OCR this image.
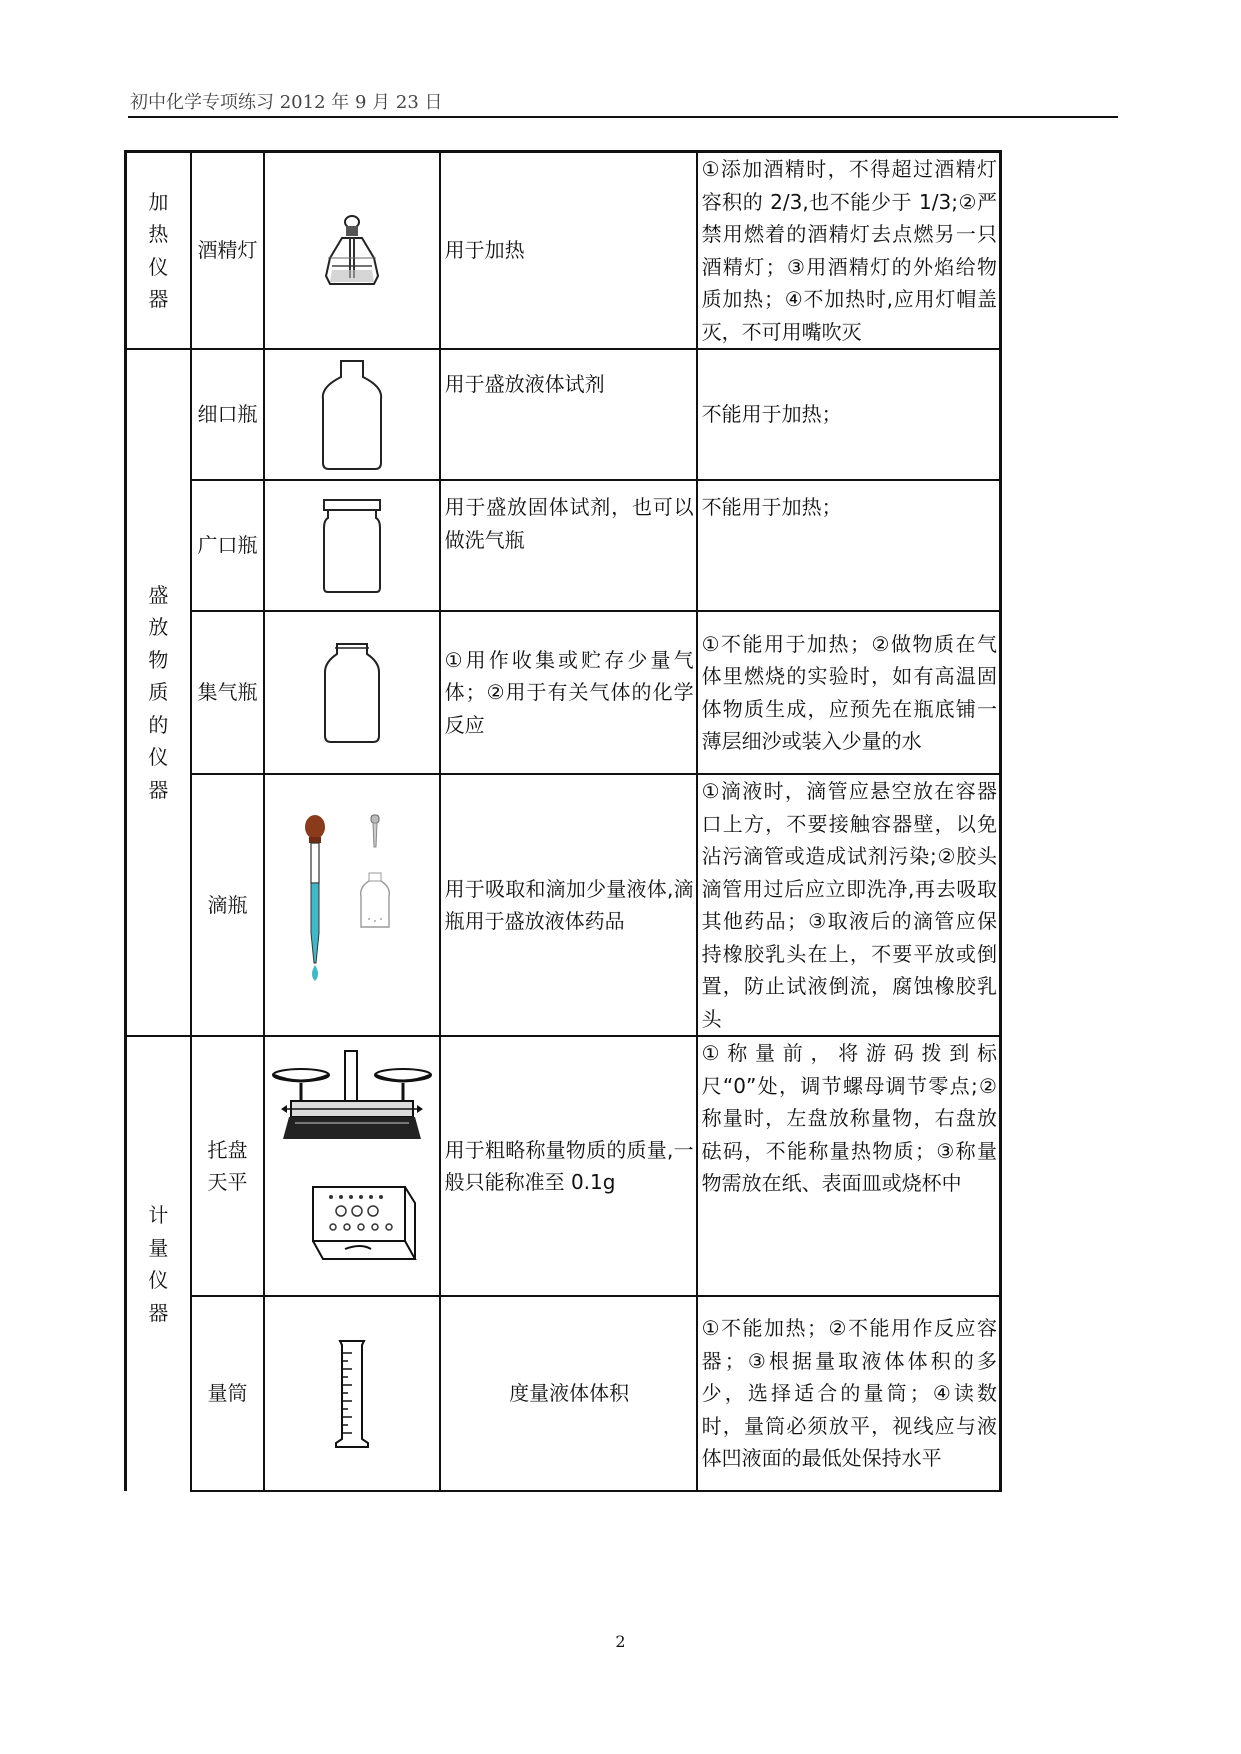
初中化学专项练习 2012 年 9 月 23 日
加热仪器	酒精灯		用于加热	①添加酒精时，不得超过酒精灯容积的 2/3,也不能少于 1/3;②严禁用燃着的酒精灯去点燃另一只酒精灯；③用酒精灯的外焰给物质加热；④不加热时,应用灯帽盖灭，不可用嘴吹灭

盛放物质的仪器	细口瓶		用于盛放液体试剂	不能用于加热；
	广口瓶		用于盛放固体试剂，也可以做洗气瓶	不能用于加热；
	集气瓶		①用作收集或贮存少量气体；②用于有关气体的化学反应	①不能用于加热；②做物质在气体里燃烧的实验时，如有高温固体物质生成，应预先在瓶底铺一薄层细沙或装入少量的水
	滴瓶		用于吸取和滴加少量液体,滴瓶用于盛放液体药品	①滴液时，滴管应悬空放在容器口上方，不要接触容器壁，以免沾污滴管或造成试剂污染;②胶头滴管用过后应立即洗净,再去吸取其他药品；③取液后的滴管应保持橡胶乳头在上，不要平放或倒置，防止试液倒流，腐蚀橡胶乳头

计量仪器	托盘天平		用于粗略称量物质的质量,一般只能称准至 0.1g	①称量前，将游码拨到标尺“0”处，调节螺母调节零点;②称量时，左盘放称量物，右盘放砝码，不能称量热物质；③称量物需放在纸、表面皿或烧杯中
	量筒		度量液体体积	①不能加热；②不能用作反应容器；③根据量取液体体积的多少，选择适合的量筒；④读数时，量筒必须放平，视线应与液体凹液面的最低处保持水平
2
